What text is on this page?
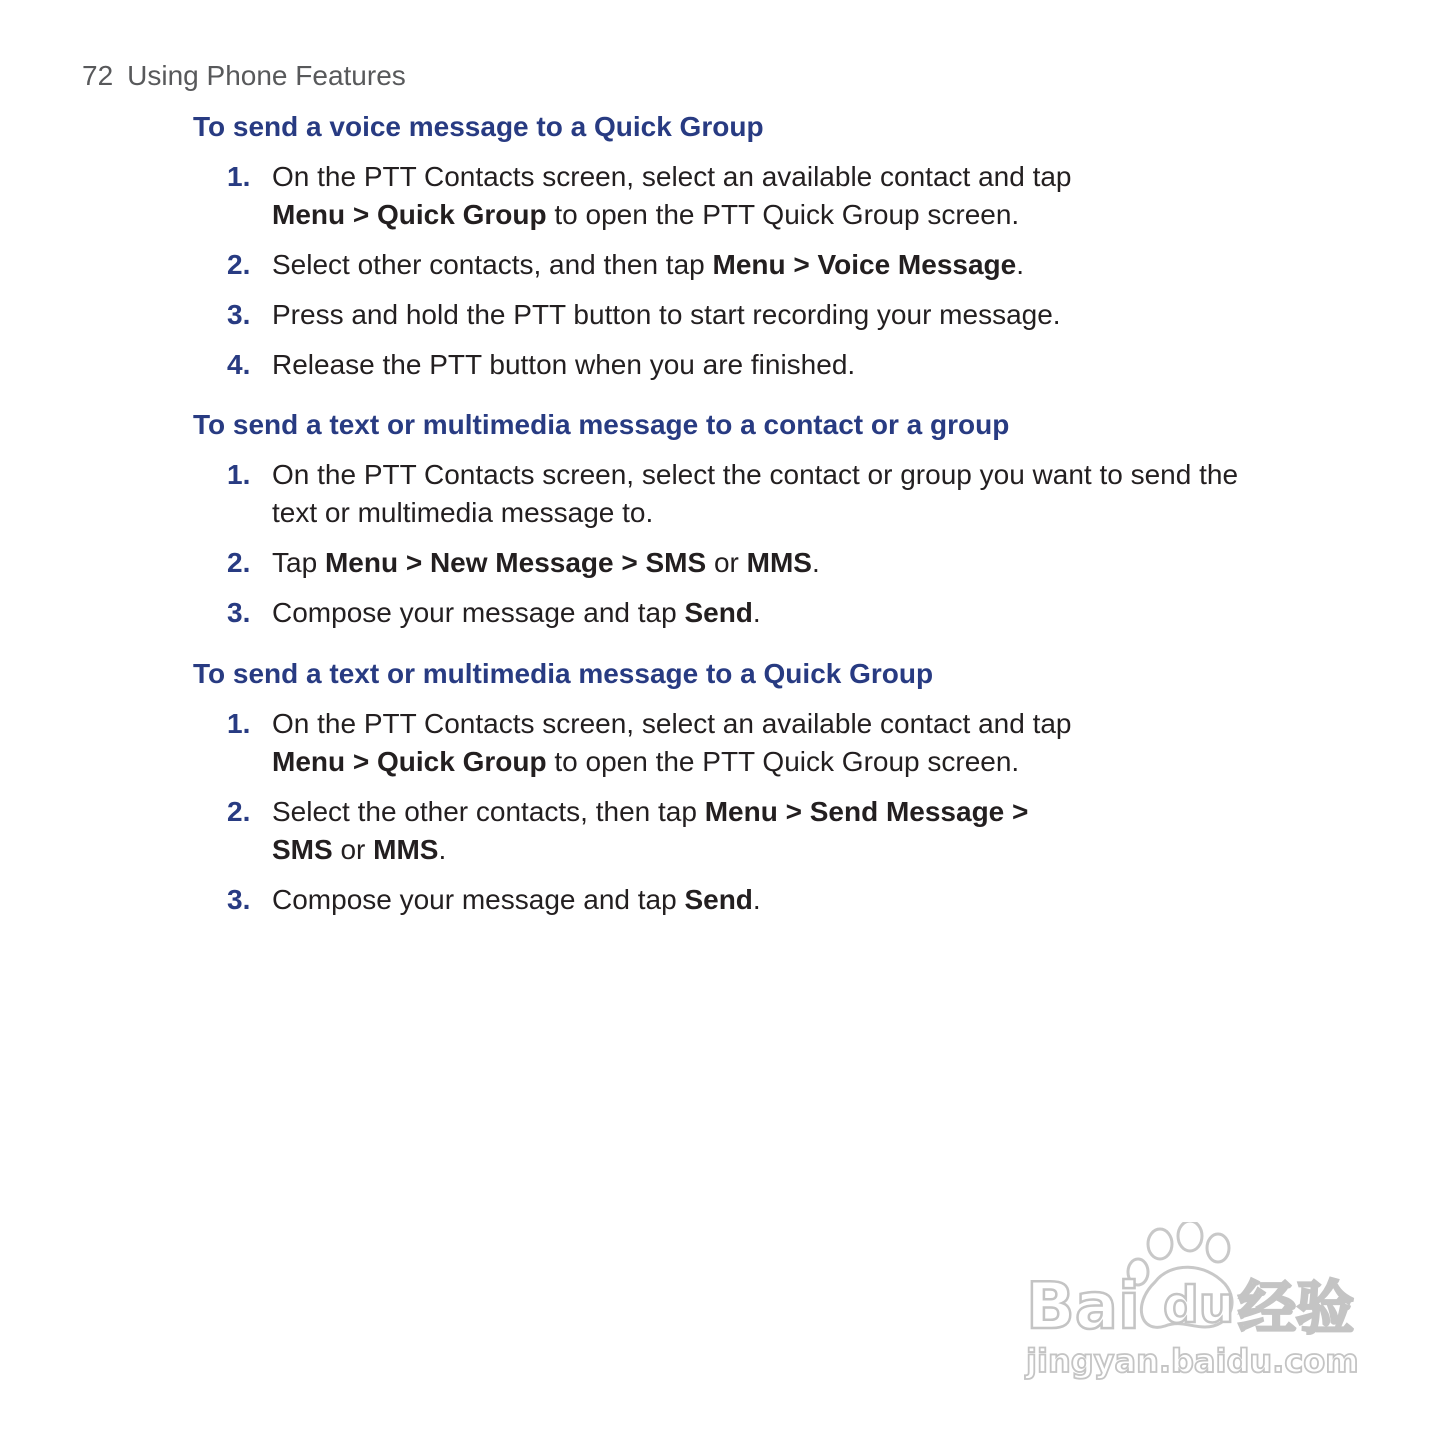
72 Using Phone Features
To send a voice message to a Quick Group
1. On the PTT Contacts screen, select an available contact and tap
Menu > Quick Group to open the PTT Quick Group screen.
2. Select other contacts, and then tap Menu > Voice Message.
3. Press and hold the PTT button to start recording your message.
4. Release the PTT button when you are finished.
To send a text or multimedia message to a contact or a group
1. On the PTT Contacts screen, select the contact or group you want to send the
text or multimedia message to.
2. Tap Menu > New Message > SMS or MMS.
3. Compose your message and tap Send.
To send a text or multimedia message to a Quick Group
1. On the PTT Contacts screen, select an available contact and tap
Menu > Quick Group to open the PTT Quick Group screen.
2. Select the other contacts, then tap Menu > Send Message >
SMS or MMS.
3. Compose your message and tap Send.
Bai du 经验
jingyan.baidu.com
